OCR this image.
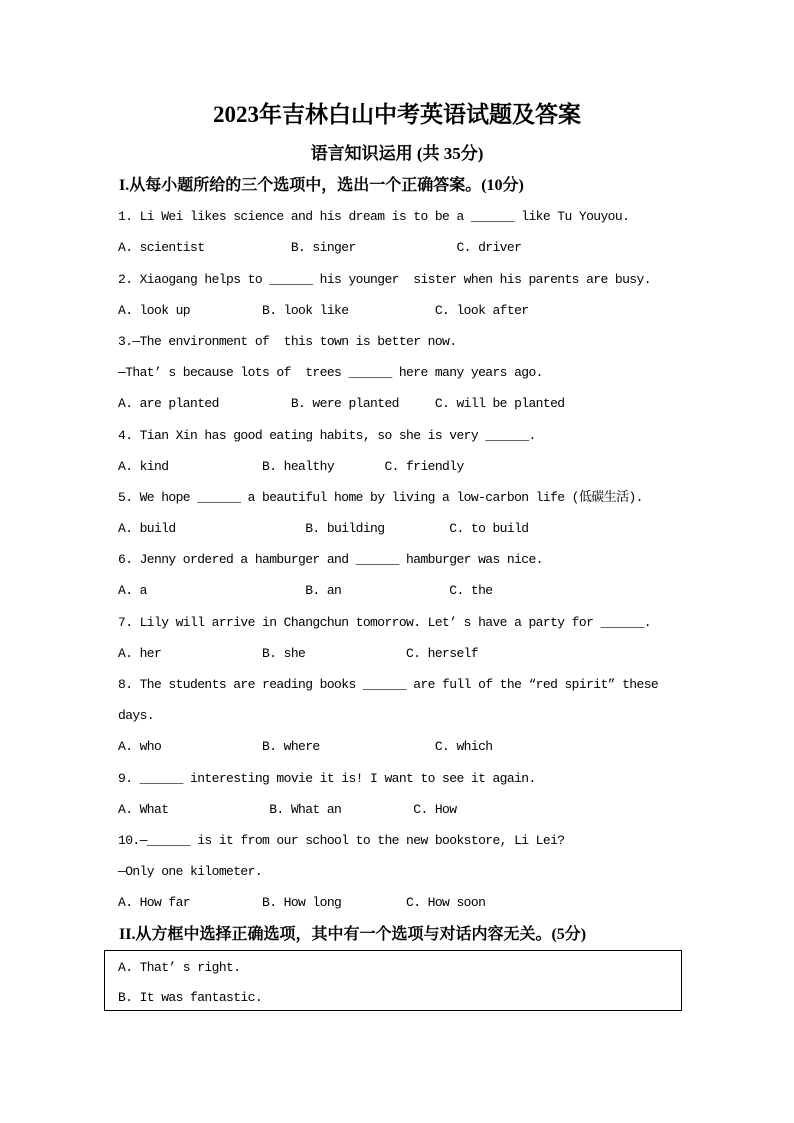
2023年吉林白山中考英语试题及答案
语言知识运用 (共 35分)
I.从每小题所给的三个选项中，选出一个正确答案。(10分)
1. Li Wei likes science and his dream is to be a ______ like Tu Youyou.
A. scientist            B. singer              C. driver
2. Xiaogang helps to ______ his younger  sister when his parents are busy.
A. look up          B. look like            C. look after
3.—The environment of  this town is better now.
—That’ s because lots of  trees ______ here many years ago.
A. are planted          B. were planted     C. will be planted
4. Tian Xin has good eating habits, so she is very ______.
A. kind             B. healthy       C. friendly
5. We hope ______ a beautiful home by living a low-carbon life (低碳生活).
A. build                  B. building         C. to build
6. Jenny ordered a hamburger and ______ hamburger was nice.
A. a                      B. an               C. the
7. Lily will arrive in Changchun tomorrow. Let’ s have a party for ______.
A. her              B. she              C. herself
8. The students are reading books ______ are full of the “red spirit” these
days.
A. who              B. where                C. which
9. ______ interesting movie it is! I want to see it again.
A. What              B. What an          C. How
10.—______ is it from our school to the new bookstore, Li Lei?
—Only one kilometer.
A. How far          B. How long         C. How soon
II.从方框中选择正确选项，其中有一个选项与对话内容无关。(5分)
A. That’ s right.
B. It was fantastic.
